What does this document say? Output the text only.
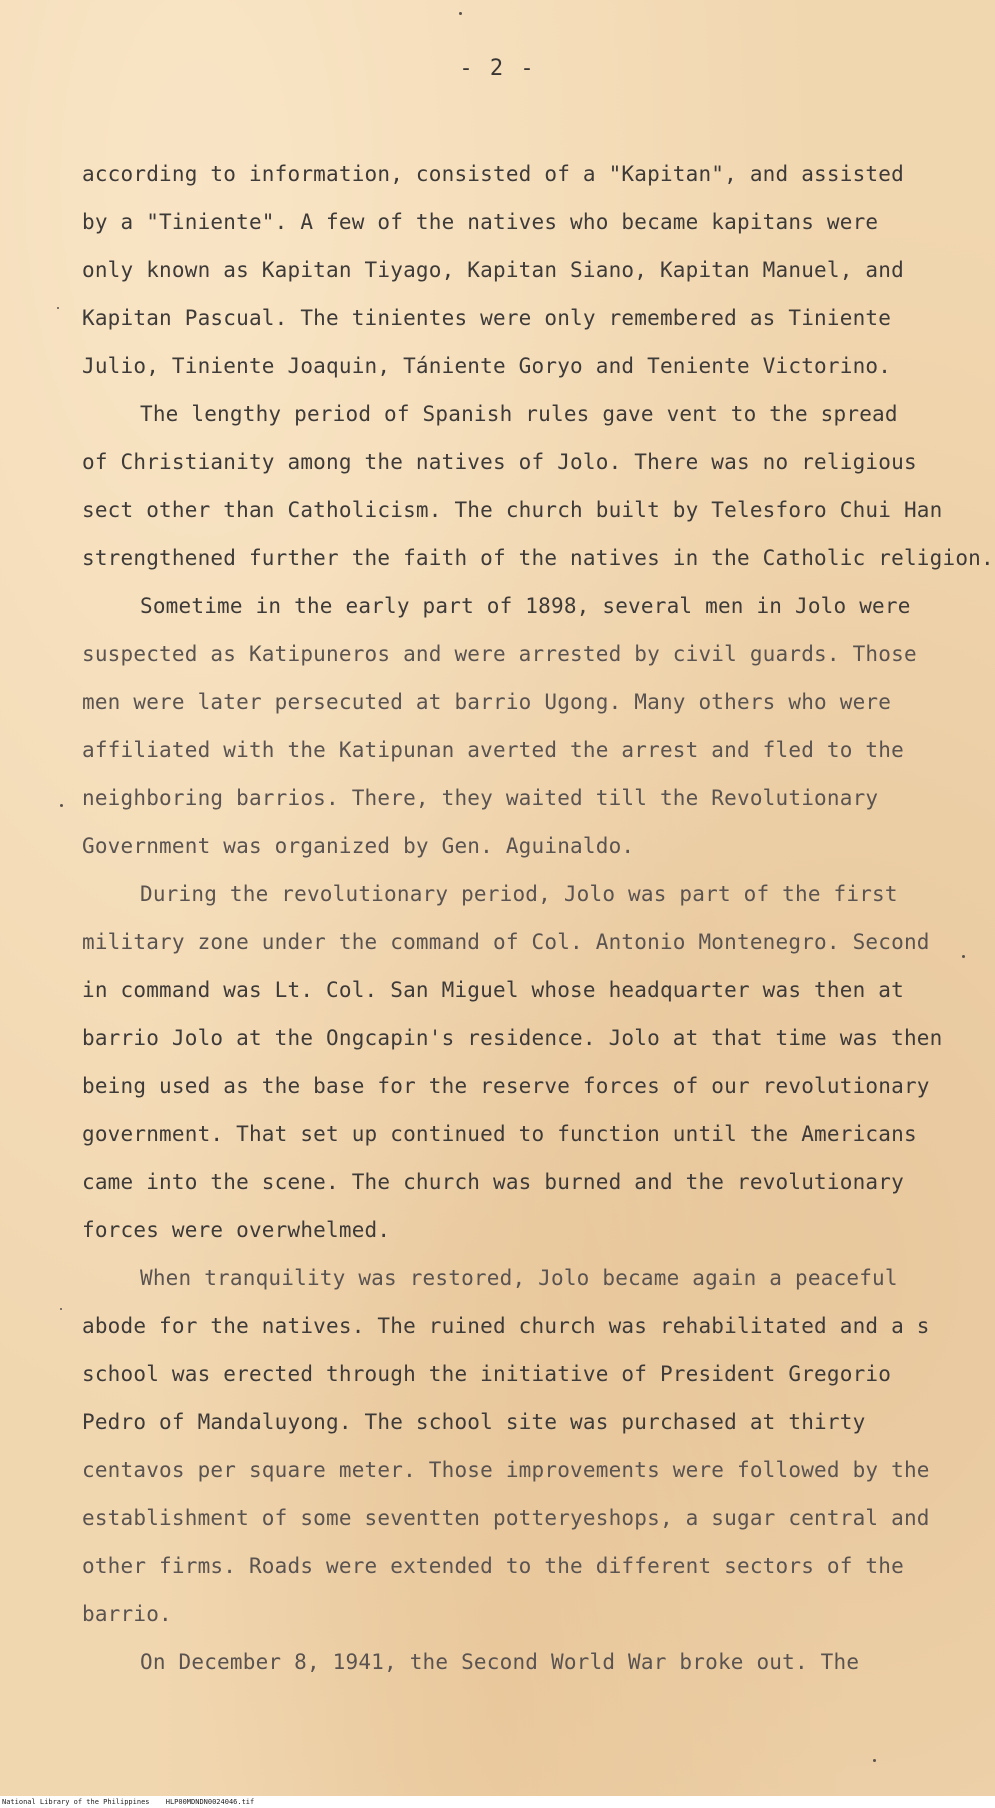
- 2 -
according to information, consisted of a "Kapitan", and assisted
by a "Tiniente". A few of the natives who became kapitans were
only known as Kapitan Tiyago, Kapitan Siano, Kapitan Manuel, and
Kapitan Pascual. The tinientes were only remembered as Tiniente
Julio, Tiniente Joaquin, Tániente Goryo and Teniente Victorino.
The lengthy period of Spanish rules gave vent to the spread
of Christianity among the natives of Jolo. There was no religious
sect other than Catholicism. The church built by Telesforo Chui Han
strengthened further the faith of the natives in the Catholic religion.
Sometime in the early part of 1898, several men in Jolo were
suspected as Katipuneros and were arrested by civil guards. Those
men were later persecuted at barrio Ugong. Many others who were
affiliated with the Katipunan averted the arrest and fled to the
neighboring barrios. There, they waited till the Revolutionary
Government was organized by Gen. Aguinaldo.
During the revolutionary period, Jolo was part of the first
military zone under the command of Col. Antonio Montenegro. Second
in command was Lt. Col. San Miguel whose headquarter was then at
barrio Jolo at the Ongcapin's residence. Jolo at that time was then
being used as the base for the reserve forces of our revolutionary
government. That set up continued to function until the Americans
came into the scene. The church was burned and the revolutionary
forces were overwhelmed.
When tranquility was restored, Jolo became again a peaceful
abode for the natives. The ruined church was rehabilitated and a s
school was erected through the initiative of President Gregorio
Pedro of Mandaluyong. The school site was purchased at thirty
centavos per square meter. Those improvements were followed by the
establishment of some seventten potteryeshops, a sugar central and
other firms. Roads were extended to the different sectors of the
barrio.
On December 8, 1941, the Second World War broke out. The
National Library of the Philippines HLP00MDNDN0024046.tif
